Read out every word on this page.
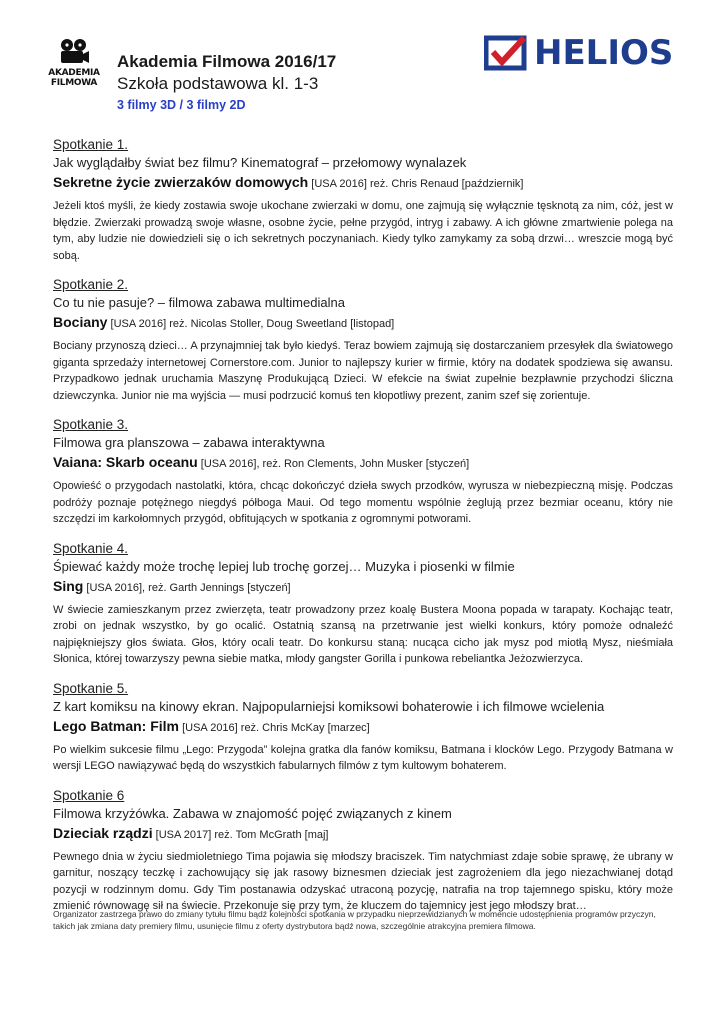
AKADEMIA
FILMOWA
Akademia Filmowa 2016/17
Szkoła podstawowa kl. 1-3
3 filmy 3D / 3 filmy 2D
HELIOS
Spotkanie 1.
Jak wyglądałby świat bez filmu? Kinematograf – przełomowy wynalazek
Sekretne życie zwierzaków domowych [USA 2016] reż. Chris Renaud [październik]
Jeżeli ktoś myśli, że kiedy zostawia swoje ukochane zwierzaki w domu, one zajmują się wyłącznie tęsknotą za nim, cóż, jest w błędzie. Zwierzaki prowadzą swoje własne, osobne życie, pełne przygód, intryg i zabawy. A ich główne zmartwienie polega na tym, aby ludzie nie dowiedzieli się o ich sekretnych poczynaniach. Kiedy tylko zamykamy za sobą drzwi… wreszcie mogą być sobą.
Spotkanie 2.
Co tu nie pasuje? – filmowa zabawa multimedialna
Bociany [USA 2016] reż. Nicolas Stoller, Doug Sweetland [listopad]
Bociany przynoszą dzieci… A przynajmniej tak było kiedyś. Teraz bowiem zajmują się dostarczaniem przesyłek dla światowego giganta sprzedaży internetowej Cornerstore.com. Junior to najlepszy kurier w firmie, który na dodatek spodziewa się awansu. Przypadkowo jednak uruchamia Maszynę Produkującą Dzieci. W efekcie na świat zupełnie bezpławnie przychodzi śliczna dziewczynka. Junior nie ma wyjścia — musi podrzucić komuś ten kłopotliwy prezent, zanim szef się zorientuje.
Spotkanie 3.
Filmowa gra planszowa – zabawa interaktywna
Vaiana: Skarb oceanu [USA 2016], reż. Ron Clements, John Musker [styczeń]
Opowieść o przygodach nastolatki, która, chcąc dokończyć dzieła swych przodków, wyrusza w niebezpieczną misję. Podczas podróży poznaje potężnego niegdyś półboga Maui. Od tego momentu wspólnie żeglują przez bezmiar oceanu, który nie szczędzi im karkołomnych przygód, obfitujących w spotkania z ogromnymi potworami.
Spotkanie 4.
Śpiewać każdy może trochę lepiej lub trochę gorzej… Muzyka i piosenki w filmie
Sing [USA 2016], reż. Garth Jennings [styczeń]
W świecie zamieszkanym przez zwierzęta, teatr prowadzony przez koalę Bustera Moona popada w tarapaty. Kochając teatr, zrobi on jednak wszystko, by go ocalić. Ostatnią szansą na przetrwanie jest wielki konkurs, który pomoże odnaleźć najpiękniejszy głos świata. Głos, który ocali teatr. Do konkursu staną: nucąca cicho jak mysz pod miotłą Mysz, nieśmiała Słonica, której towarzyszy pewna siebie matka, młody gangster Gorilla i punkowa rebeliantka Jeżozwierzyca.
Spotkanie 5.
Z kart komiksu na kinowy ekran. Najpopularniejsi komiksowi bohaterowie i ich filmowe wcielenia
Lego Batman: Film [USA 2016] reż. Chris McKay [marzec]
Po wielkim sukcesie filmu „Lego: Przygoda” kolejna gratka dla fanów komiksu, Batmana i klocków Lego. Przygody Batmana w wersji LEGO nawiązywać będą do wszystkich fabularnych filmów z tym kultowym bohaterem.
Spotkanie 6
Filmowa krzyżówka. Zabawa w znajomość pojęć związanych z kinem
Dzieciak rządzi [USA 2017] reż. Tom McGrath [maj]
Pewnego dnia w życiu siedmioletniego Tima pojawia się młodszy braciszek. Tim natychmiast zdaje sobie sprawę, że ubrany w garnitur, noszący teczkę i zachowujący się jak rasowy biznesmen dzieciak jest zagrożeniem dla jego niezachwianej dotąd pozycji w rodzinnym domu. Gdy Tim postanawia odzyskać utraconą pozycję, natrafia na trop tajemnego spisku, który może zmienić równowagę sił na świecie. Przekonuje się przy tym, że kluczem do tajemnicy jest jego młodszy brat…
Organizator zastrzega prawo do zmiany tytułu filmu bądź kolejności spotkania w przypadku nieprzewidzianych w momencie udostępnienia programów przyczyn, takich jak zmiana daty premiery filmu, usunięcie filmu z oferty dystrybutora bądź nowa, szczególnie atrakcyjna premiera filmowa.
